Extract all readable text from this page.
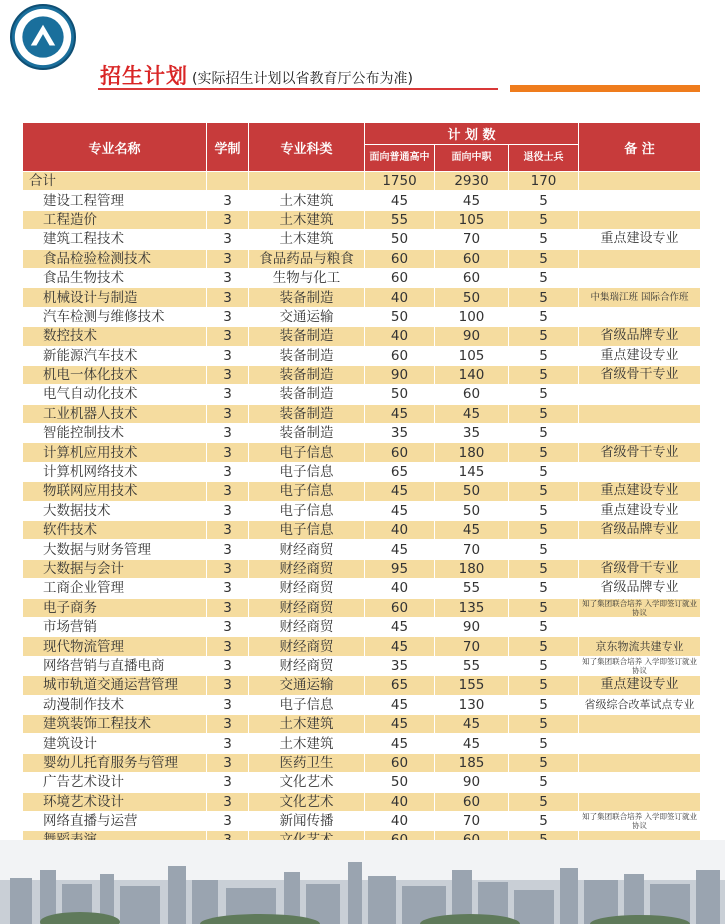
招生计划 (实际招生计划以省教育厅公布为准)
专业名称	学制	专业科类	计 划 数			备 注
			面向普通高中	面向中职	退役士兵	
合计			1750	2930	170	
建设工程管理	3	土木建筑	45	45	5	
工程造价	3	土木建筑	55	105	5	
建筑工程技术	3	土木建筑	50	70	5	重点建设专业
食品检验检测技术	3	食品药品与粮食	60	60	5	
食品生物技术	3	生物与化工	60	60	5	
机械设计与制造	3	装备制造	40	50	5	中集瑞江班 国际合作班
汽车检测与维修技术	3	交通运输	50	100	5	
数控技术	3	装备制造	40	90	5	省级品牌专业
新能源汽车技术	3	装备制造	60	105	5	重点建设专业
机电一体化技术	3	装备制造	90	140	5	省级骨干专业
电气自动化技术	3	装备制造	50	60	5	
工业机器人技术	3	装备制造	45	45	5	
智能控制技术	3	装备制造	35	35	5	
计算机应用技术	3	电子信息	60	180	5	省级骨干专业
计算机网络技术	3	电子信息	65	145	5	
物联网应用技术	3	电子信息	45	50	5	重点建设专业
大数据技术	3	电子信息	45	50	5	重点建设专业
软件技术	3	电子信息	40	45	5	省级品牌专业
大数据与财务管理	3	财经商贸	45	70	5	
大数据与会计	3	财经商贸	95	180	5	省级骨干专业
工商企业管理	3	财经商贸	40	55	5	省级品牌专业
电子商务	3	财经商贸	60	135	5	知了集团联合培养 入学即签订就业协议
市场营销	3	财经商贸	45	90	5	
现代物流管理	3	财经商贸	45	70	5	京东物流共建专业
网络营销与直播电商	3	财经商贸	35	55	5	知了集团联合培养 入学即签订就业协议
城市轨道交通运营管理	3	交通运输	65	155	5	重点建设专业
动漫制作技术	3	电子信息	45	130	5	省级综合改革试点专业
建筑装饰工程技术	3	土木建筑	45	45	5	
建筑设计	3	土木建筑	45	45	5	
婴幼儿托育服务与管理	3	医药卫生	60	185	5	
广告艺术设计	3	文化艺术	50	90	5	
环境艺术设计	3	文化艺术	40	60	5	
网络直播与运营	3	新闻传播	40	70	5	知了集团联合培养 入学即签订就业协议
